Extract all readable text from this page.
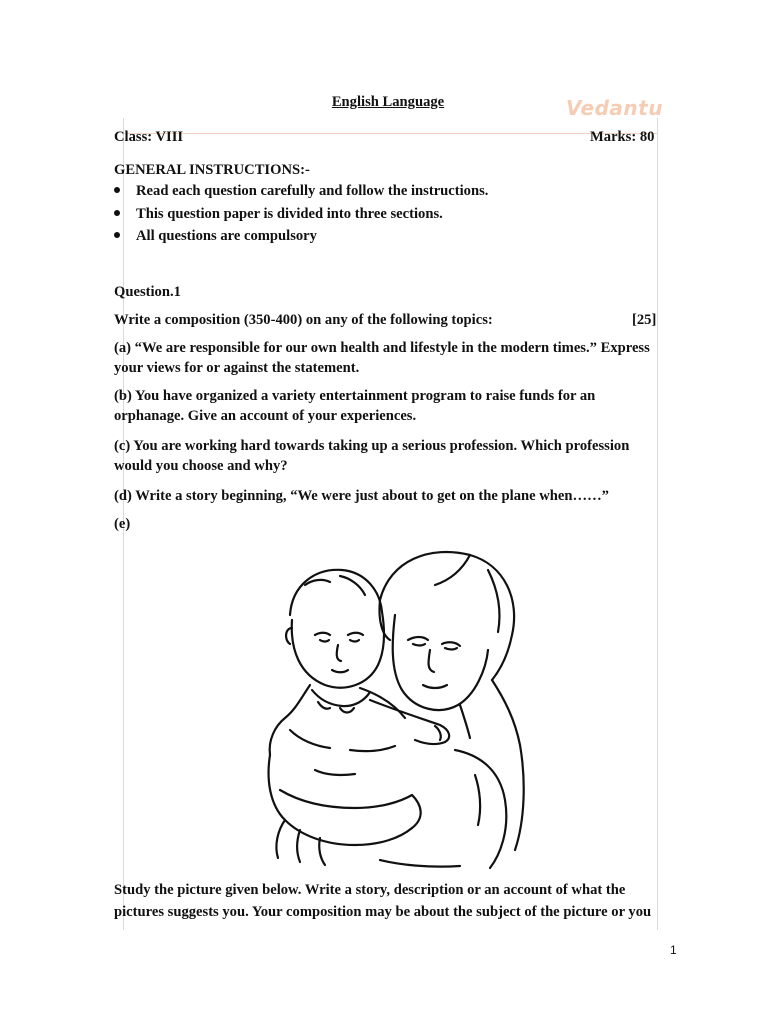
Vedantu
English Language
Class: VIII	Marks: 80
GENERAL INSTRUCTIONS:-
Read each question carefully and follow the instructions.
This question paper is divided into three sections.
All questions are compulsory
Question.1
Write a composition (350-400) on any of the following topics:	[25]
(a) “We are responsible for our own health and lifestyle in the modern times.” Express
your views for or against the statement.
(b) You have organized a variety entertainment program to raise funds for an
orphanage. Give an account of your experiences.
(c) You are working hard towards taking up a serious profession. Which profession
would you choose and why?
(d) Write a story beginning, “We were just about to get on the plane when……”
(e)
Study the picture given below. Write a story, description or an account of what the
pictures suggests you. Your composition may be about the subject of the picture or you
1
